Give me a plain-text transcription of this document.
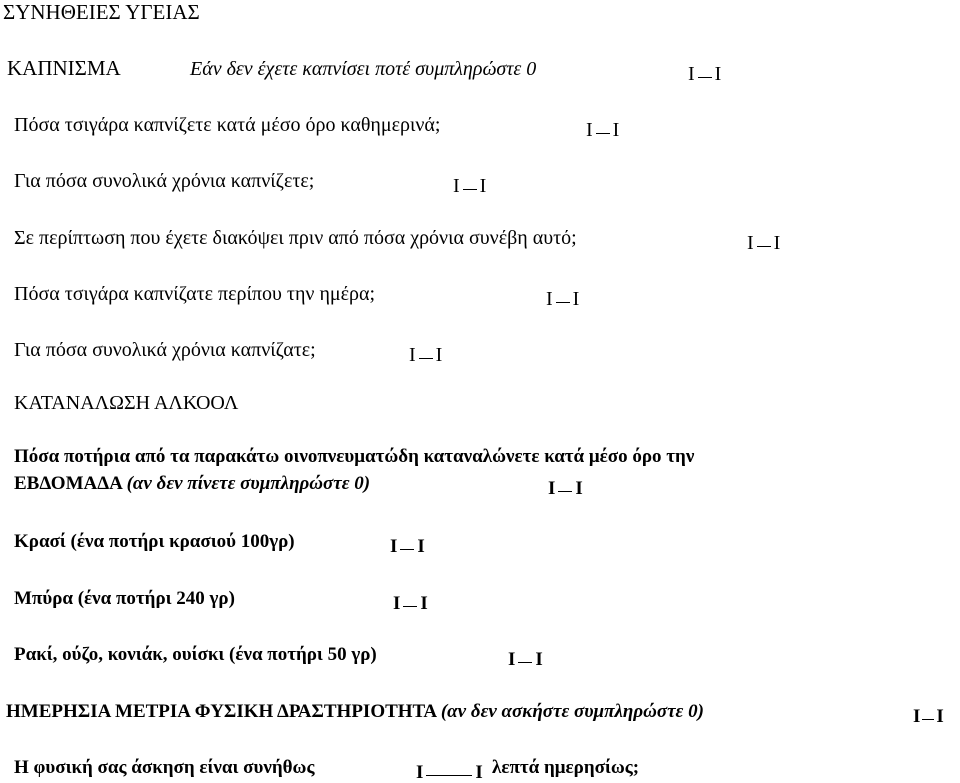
ΣΥΝΗΘΕΙΕΣ ΥΓΕΙΑΣ
ΚΑΠΝΙΣΜΑ	Εάν δεν έχετε καπνίσει ποτέ συμπληρώστε 0	I I
Πόσα τσιγάρα καπνίζετε κατά μέσο όρο καθημερινά;	I I
Για πόσα συνολικά χρόνια καπνίζετε;	I I
Σε περίπτωση που έχετε διακόψει πριν από πόσα χρόνια συνέβη αυτό;	I I
Πόσα τσιγάρα καπνίζατε περίπου την ημέρα;	I I
Για πόσα συνολικά χρόνια καπνίζατε;	I I
ΚΑΤΑΝΑΛΩΣΗ ΑΛΚΟΟΛ
Πόσα ποτήρια από τα παρακάτω οινοπνευματώδη καταναλώνετε κατά μέσο όρο την
ΕΒΔΟΜΑΔΑ (αν δεν πίνετε συμπληρώστε 0)	I I
Κρασί (ένα ποτήρι κρασιού 100γρ)	I I
Μπύρα (ένα ποτήρι 240 γρ)	I I
Ρακί, ούζο, κονιάκ, ουίσκι (ένα ποτήρι 50 γρ)	I I
ΗΜΕΡΗΣΙΑ ΜΕΤΡΙΑ ΦΥΣΙΚΗ ΔΡΑΣΤΗΡΙΟΤΗΤΑ (αν δεν ασκήστε συμπληρώστε 0)	I I
Η φυσική σας άσκηση είναι συνήθως	I	I λεπτά ημερησίως;
